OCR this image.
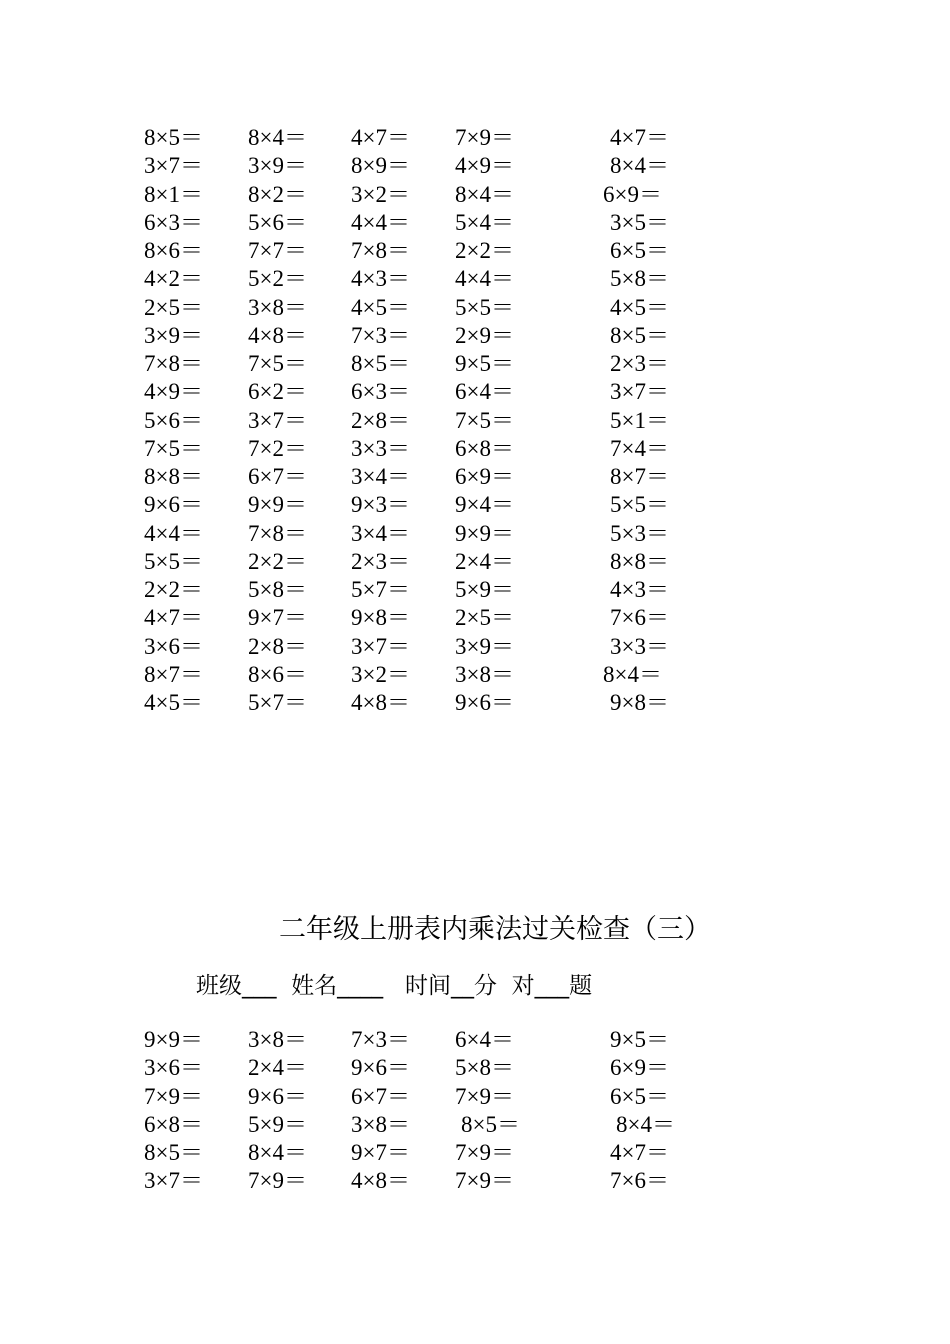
8×5＝ 8×4＝ 4×7＝ 7×9＝	4×7＝
3×7＝ 3×9＝ 8×9＝ 4×9＝	8×4＝
8×1＝ 8×2＝ 3×2＝ 8×4＝	6×9＝
6×3＝ 5×6＝ 4×4＝ 5×4＝	3×5＝
8×6＝ 7×7＝ 7×8＝ 2×2＝	6×5＝
4×2＝ 5×2＝ 4×3＝ 4×4＝	5×8＝
2×5＝ 3×8＝ 4×5＝ 5×5＝	4×5＝
3×9＝ 4×8＝ 7×3＝ 2×9＝	8×5＝
7×8＝ 7×5＝ 8×5＝ 9×5＝	2×3＝
4×9＝ 6×2＝ 6×3＝ 6×4＝	3×7＝
5×6＝ 3×7＝ 2×8＝ 7×5＝	5×1＝
7×5＝ 7×2＝ 3×3＝ 6×8＝	7×4＝
8×8＝ 6×7＝ 3×4＝ 6×9＝	8×7＝
9×6＝ 9×9＝ 9×3＝ 9×4＝	5×5＝
4×4＝ 7×8＝ 3×4＝ 9×9＝	5×3＝
5×5＝ 2×2＝ 2×3＝ 2×4＝	8×8＝
2×2＝ 5×8＝ 5×7＝ 5×9＝	4×3＝
4×7＝ 9×7＝ 9×8＝ 2×5＝	7×6＝
3×6＝ 2×8＝ 3×7＝ 3×9＝	3×3＝
8×7＝ 8×6＝ 3×2＝ 3×8＝	8×4＝
4×5＝ 5×7＝ 4×8＝ 9×6＝	9×8＝
二年级上册表内乘法过关检查（三）
班级___  姓名____   时间__分  对___题
9×9＝ 3×8＝ 7×3＝ 6×4＝	9×5＝
3×6＝ 2×4＝ 9×6＝ 5×8＝	6×9＝
7×9＝ 9×6＝ 6×7＝ 7×9＝	6×5＝
6×8＝ 5×9＝ 3×8＝ 8×5＝	8×4＝
8×5＝ 8×4＝ 9×7＝ 7×9＝	4×7＝
3×7＝ 7×9＝ 4×8＝ 7×9＝	7×6＝
